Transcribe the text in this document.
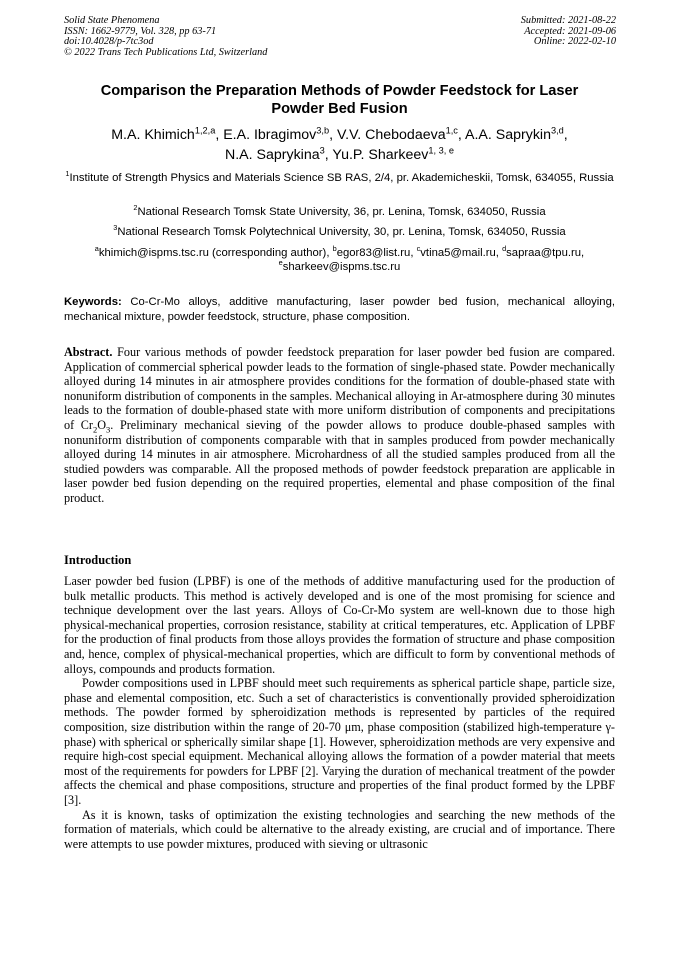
Solid State Phenomena
ISSN: 1662-9779, Vol. 328, pp 63-71
doi:10.4028/p-7tc3od
© 2022 Trans Tech Publications Ltd, Switzerland
Submitted: 2021-08-22
Accepted: 2021-09-06
Online: 2022-02-10
Comparison the Preparation Methods of Powder Feedstock for Laser
Powder Bed Fusion
M.A. Khimich$^{1,2,a}$, E.A. Ibragimov$^{3,b}$, V.V. Chebodaeva$^{1,c}$, A.A. Saprykin$^{3,d}$,
N.A. Saprykina$^3$, Yu.P. Sharkeev$^{1, 3, e}$
$^1$Institute of Strength Physics and Materials Science SB RAS, 2/4, pr. Akademicheskii, Tomsk, 634055, Russia
$^2$National Research Tomsk State University, 36, pr. Lenina, Tomsk, 634050, Russia
$^3$National Research Tomsk Polytechnical University, 30, pr. Lenina, Tomsk, 634050, Russia
$^a$khimich@ispms.tsc.ru (corresponding author), $^b$egor83@list.ru, $^c$vtina5@mail.ru, $^d$sapraa@tpu.ru, $^e$sharkeev@ispms.tsc.ru
Keywords: Co-Cr-Mo alloys, additive manufacturing, laser powder bed fusion, mechanical alloying, mechanical mixture, powder feedstock, structure, phase composition.
Abstract. Four various methods of powder feedstock preparation for laser powder bed fusion are compared. Application of commercial spherical powder leads to the formation of single-phased state. Powder mechanically alloyed during 14 minutes in air atmosphere provides conditions for the formation of double-phased state with nonuniform distribution of components in the samples. Mechanical alloying in Ar-atmosphere during 30 minutes leads to the formation of double-phased state with more uniform distribution of components and precipitations of $Cr_2O_3$. Preliminary mechanical sieving of the powder allows to produce double-phased samples with nonuniform distribution of components comparable with that in samples produced from powder mechanically alloyed during 14 minutes in air atmosphere. Microhardness of all the studied samples produced from all the studied powders was comparable. All the proposed methods of powder feedstock preparation are applicable in laser powder bed fusion depending on the required properties, elemental and phase composition of the final product.
Introduction

Laser powder bed fusion (LPBF) is one of the methods of additive manufacturing used for the production of bulk metallic products. This method is actively developed and is one of the most promising for science and technique development over the last years. Alloys of Co-Cr-Mo system are well-known due to those high physical-mechanical properties, corrosion resistance, stability at critical temperatures, etc. Application of LPBF for the production of final products from those alloys provides the formation of structure and phase composition and, hence, complex of physical-mechanical properties, which are difficult to form by conventional methods of alloys, compounds and products formation.

Powder compositions used in LPBF should meet such requirements as spherical particle shape, particle size, phase and elemental composition, etc. Such a set of characteristics is conventionally provided spheroidization methods. The powder formed by spheroidization methods is represented by particles of the required composition, size distribution within the range of 20-70 μm, phase composition (stabilized high-temperature γ-phase) with spherical or spherically similar shape [1]. However, spheroidization methods are very expensive and require high-cost special equipment. Mechanical alloying allows the formation of a powder material that meets most of the requirements for powders for LPBF [2]. Varying the duration of mechanical treatment of the powder affects the chemical and phase compositions, structure and properties of the final product formed by the LPBF [3].

As it is known, tasks of optimization the existing technologies and searching the new methods of the formation of materials, which could be alternative to the already existing, are crucial and of importance. There were attempts to use powder mixtures, produced with sieving or ultrasonic
